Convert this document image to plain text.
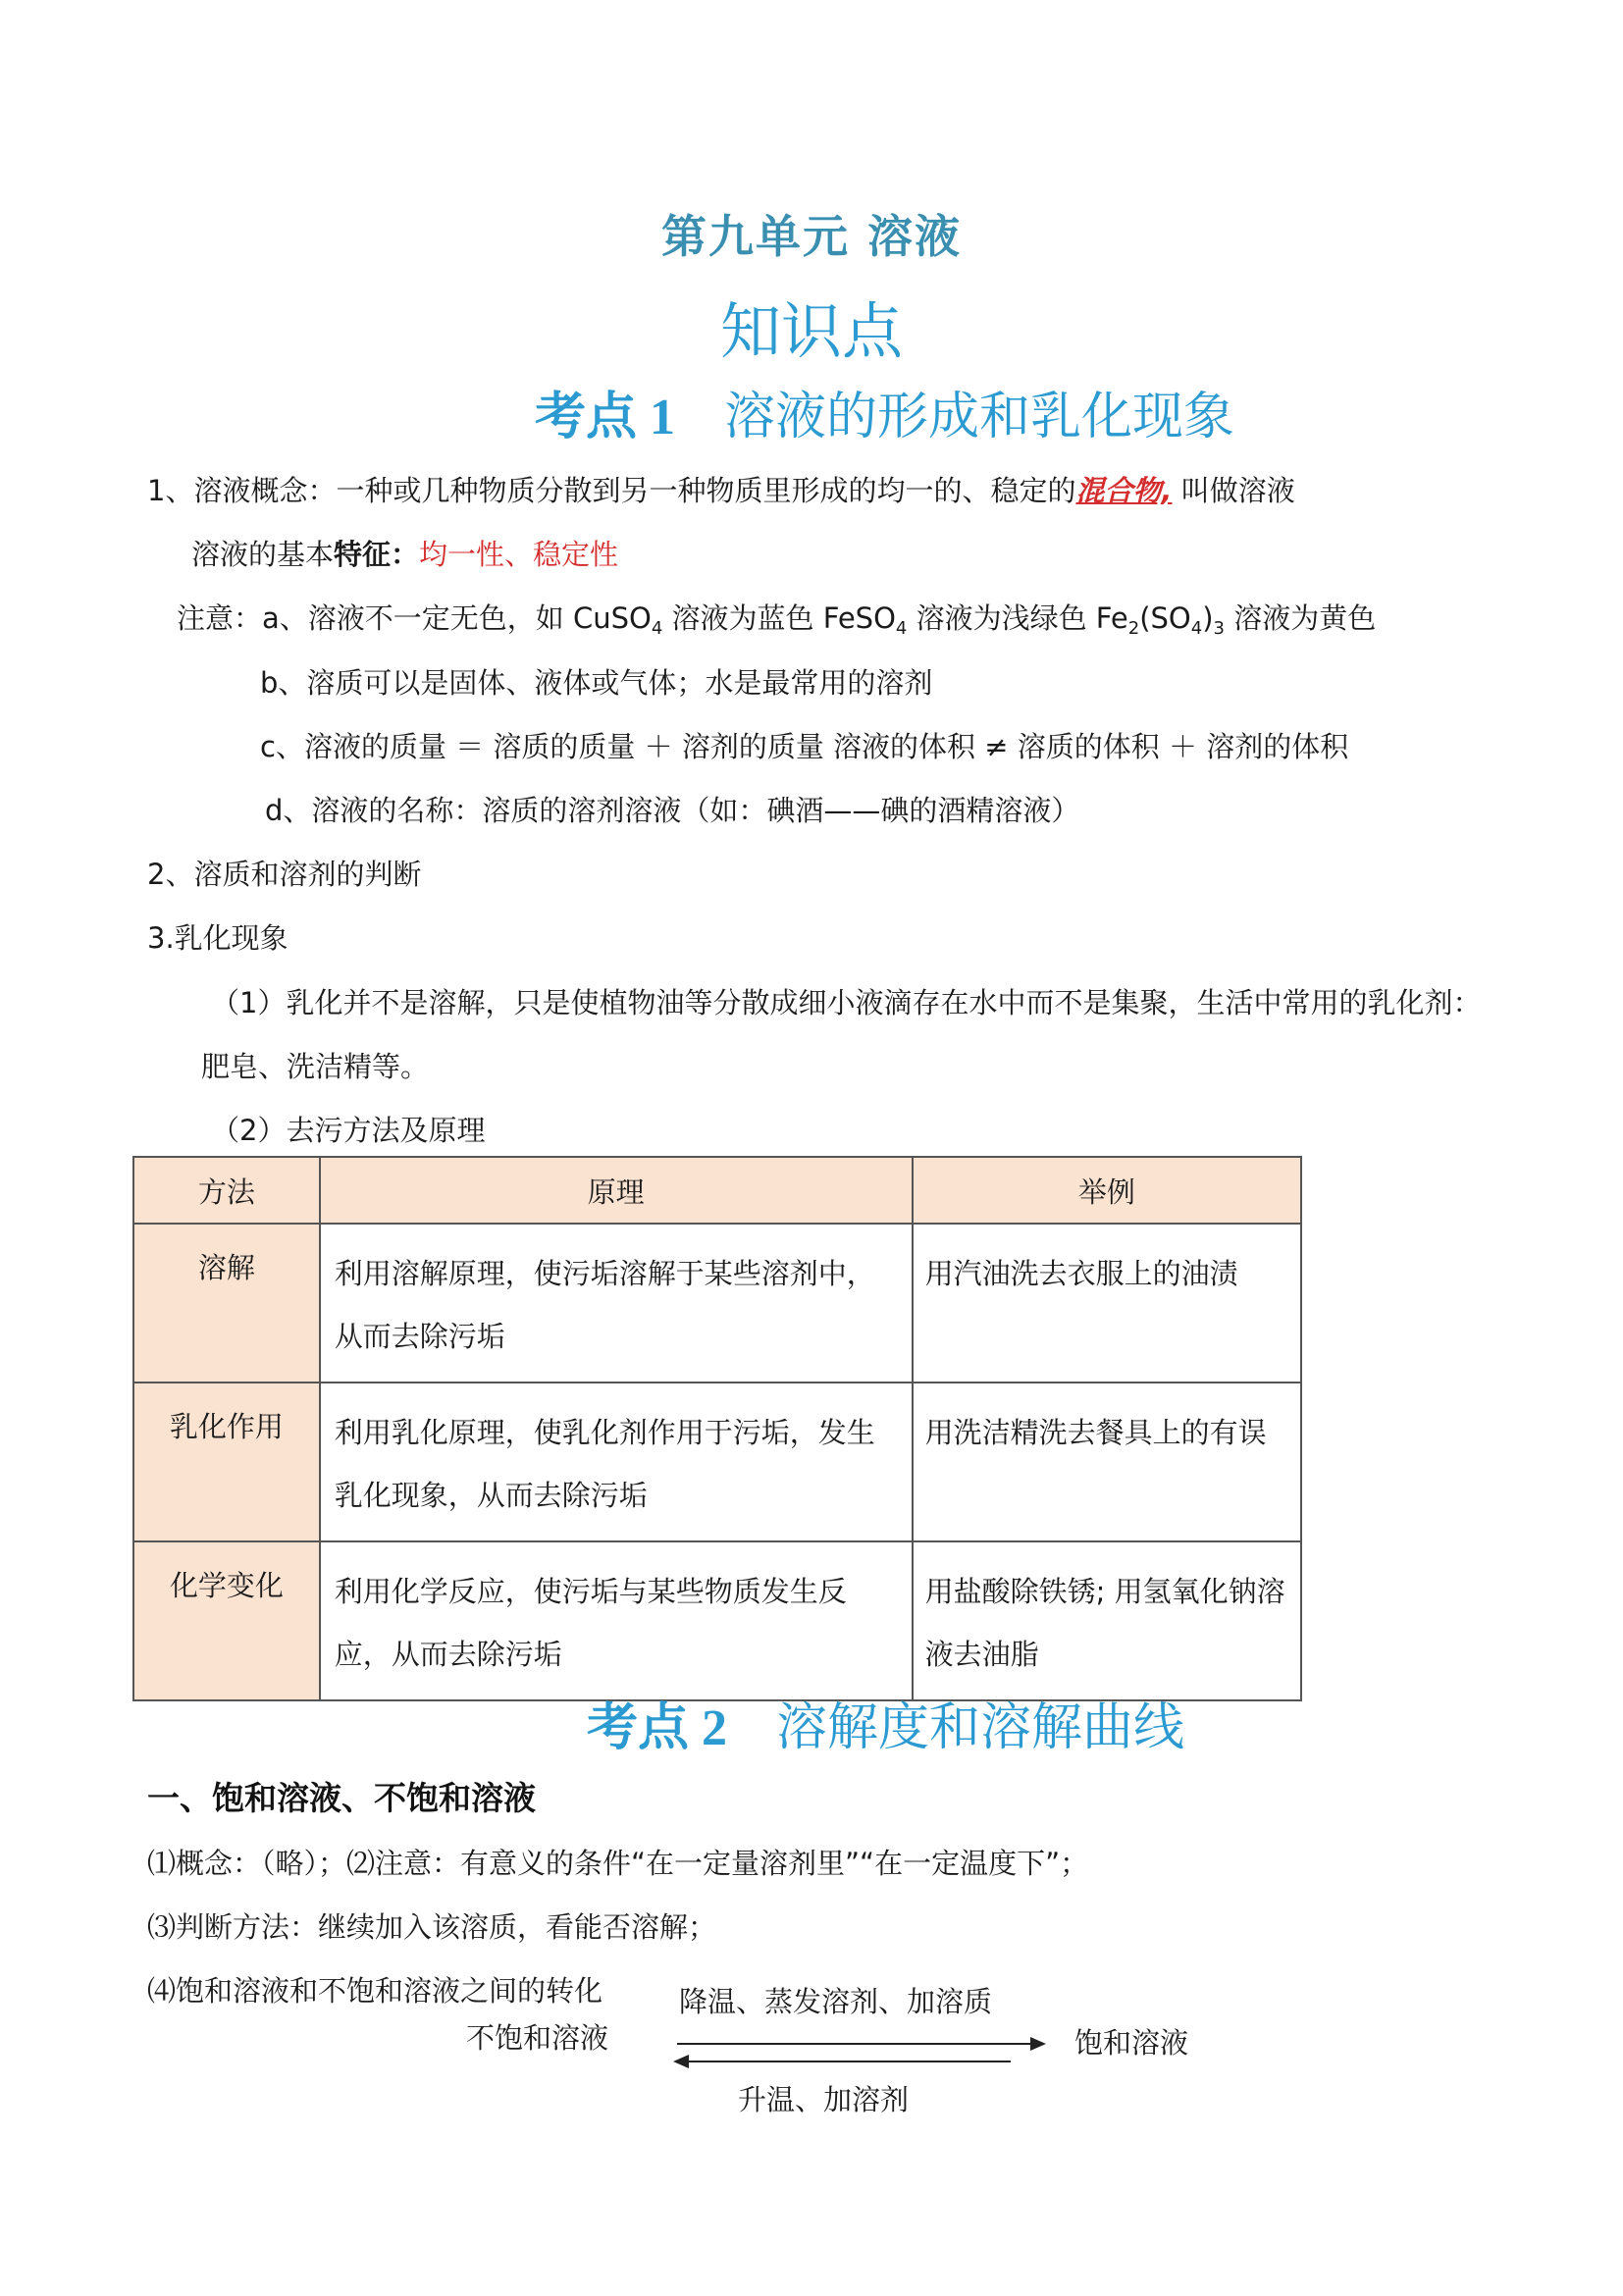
第九单元 溶液
知识点
考点 1 溶液的形成和乳化现象
1、溶液概念：一种或几种物质分散到另一种物质里形成的均一的、稳定的混合物, 叫做溶液
溶液的基本特征：均一性、稳定性
注意：a、溶液不一定无色，如 CuSO$_4$ 溶液为蓝色 FeSO$_4$ 溶液为浅绿色 $Fe_2(SO_4)_3$ 溶液为黄色
b、溶质可以是固体、液体或气体；水是最常用的溶剂
c、溶液的质量 ＝ 溶质的质量 ＋ 溶剂的质量 溶液的体积 ≠ 溶质的体积 ＋ 溶剂的体积
d、溶液的名称：溶质的溶剂溶液（如：碘酒——碘的酒精溶液）
2、溶质和溶剂的判断
3.乳化现象
（1）乳化并不是溶解，只是使植物油等分散成细小液滴存在水中而不是集聚，生活中常用的乳化剂：
肥皂、洗洁精等。
（2）去污方法及原理
方法	原理	举例
溶解	利用溶解原理，使污垢溶解于某些溶剂中，从而去除污垢	用汽油洗去衣服上的油渍
乳化作用	利用乳化原理，使乳化剂作用于污垢，发生乳化现象，从而去除污垢	用洗洁精洗去餐具上的有误
化学变化	利用化学反应，使污垢与某些物质发生反应，从而去除污垢	用盐酸除铁锈; 用氢氧化钠溶液去油脂
考点 2 溶解度和溶解曲线
一、饱和溶液、不饱和溶液
⑴概念：（略）；⑵注意：有意义的条件“在一定量溶剂里”“在一定温度下”；
⑶判断方法：继续加入该溶质，看能否溶解；
⑷饱和溶液和不饱和溶液之间的转化	降温、蒸发溶剂、加溶质
不饱和溶液	饱和溶液
升温、加溶剂
